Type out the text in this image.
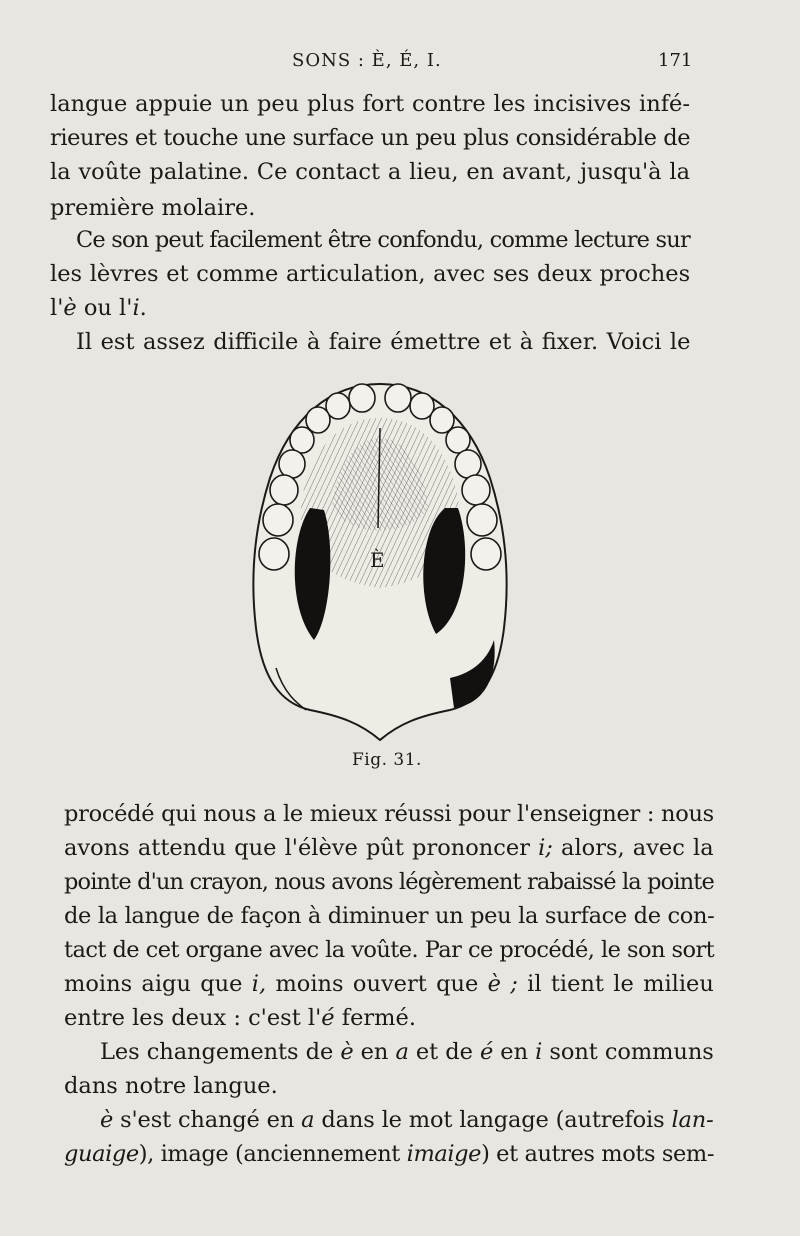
SONS : È, É, I.	171
langue appuie un peu plus fort contre les incisives infé-
rieures et touche une surface un peu plus considérable de
la voûte palatine. Ce contact a lieu, en avant, jusqu'à la
première molaire.
Ce son peut facilement être confondu, comme lecture sur
les lèvres et comme articulation, avec ses deux proches
l'è ou l'i.
Il est assez difficile à faire émettre et à fixer. Voici le
È
Fig. 31.
procédé qui nous a le mieux réussi pour l'enseigner : nous
avons attendu que l'élève pût prononcer i; alors, avec la
pointe d'un crayon, nous avons légèrement rabaissé la pointe
de la langue de façon à diminuer un peu la surface de con-
tact de cet organe avec la voûte. Par ce procédé, le son sort
moins aigu que i, moins ouvert que è ; il tient le milieu
entre les deux : c'est l'é fermé.
Les changements de è en a et de é en i sont communs
dans notre langue.
è s'est changé en a dans le mot langage (autrefois lan-
guaige), image (anciennement imaige) et autres mots sem-
